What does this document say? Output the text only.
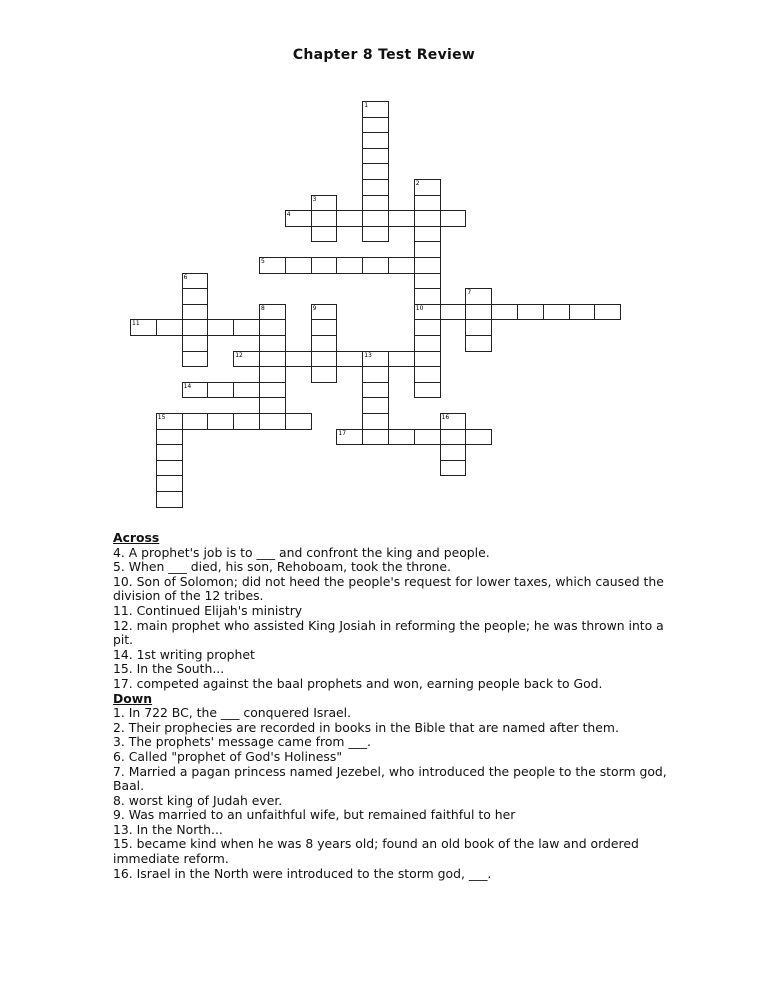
Chapter 8 Test Review
1
2
3
4
5
6
7
8	9	10
11
12	13
14
15	16
17
Across
4. A prophet's job is to ___ and confront the king and people.
5. When ___ died, his son, Rehoboam, took the throne.
10. Son of Solomon; did not heed the people's request for lower taxes, which caused the division of the 12 tribes.
11. Continued Elijah's ministry
12. main prophet who assisted King Josiah in reforming the people; he was thrown into a pit.
14. 1st writing prophet
15. In the South...
17. competed against the baal prophets and won, earning people back to God.
Down
1. In 722 BC, the ___ conquered Israel.
2. Their prophecies are recorded in books in the Bible that are named after them.
3. The prophets' message came from ___.
6. Called "prophet of God's Holiness"
7. Married a pagan princess named Jezebel, who introduced the people to the storm god, Baal.
8. worst king of Judah ever.
9. Was married to an unfaithful wife, but remained faithful to her
13. In the North...
15. became kind when he was 8 years old; found an old book of the law and ordered immediate reform.
16. Israel in the North were introduced to the storm god, ___.
